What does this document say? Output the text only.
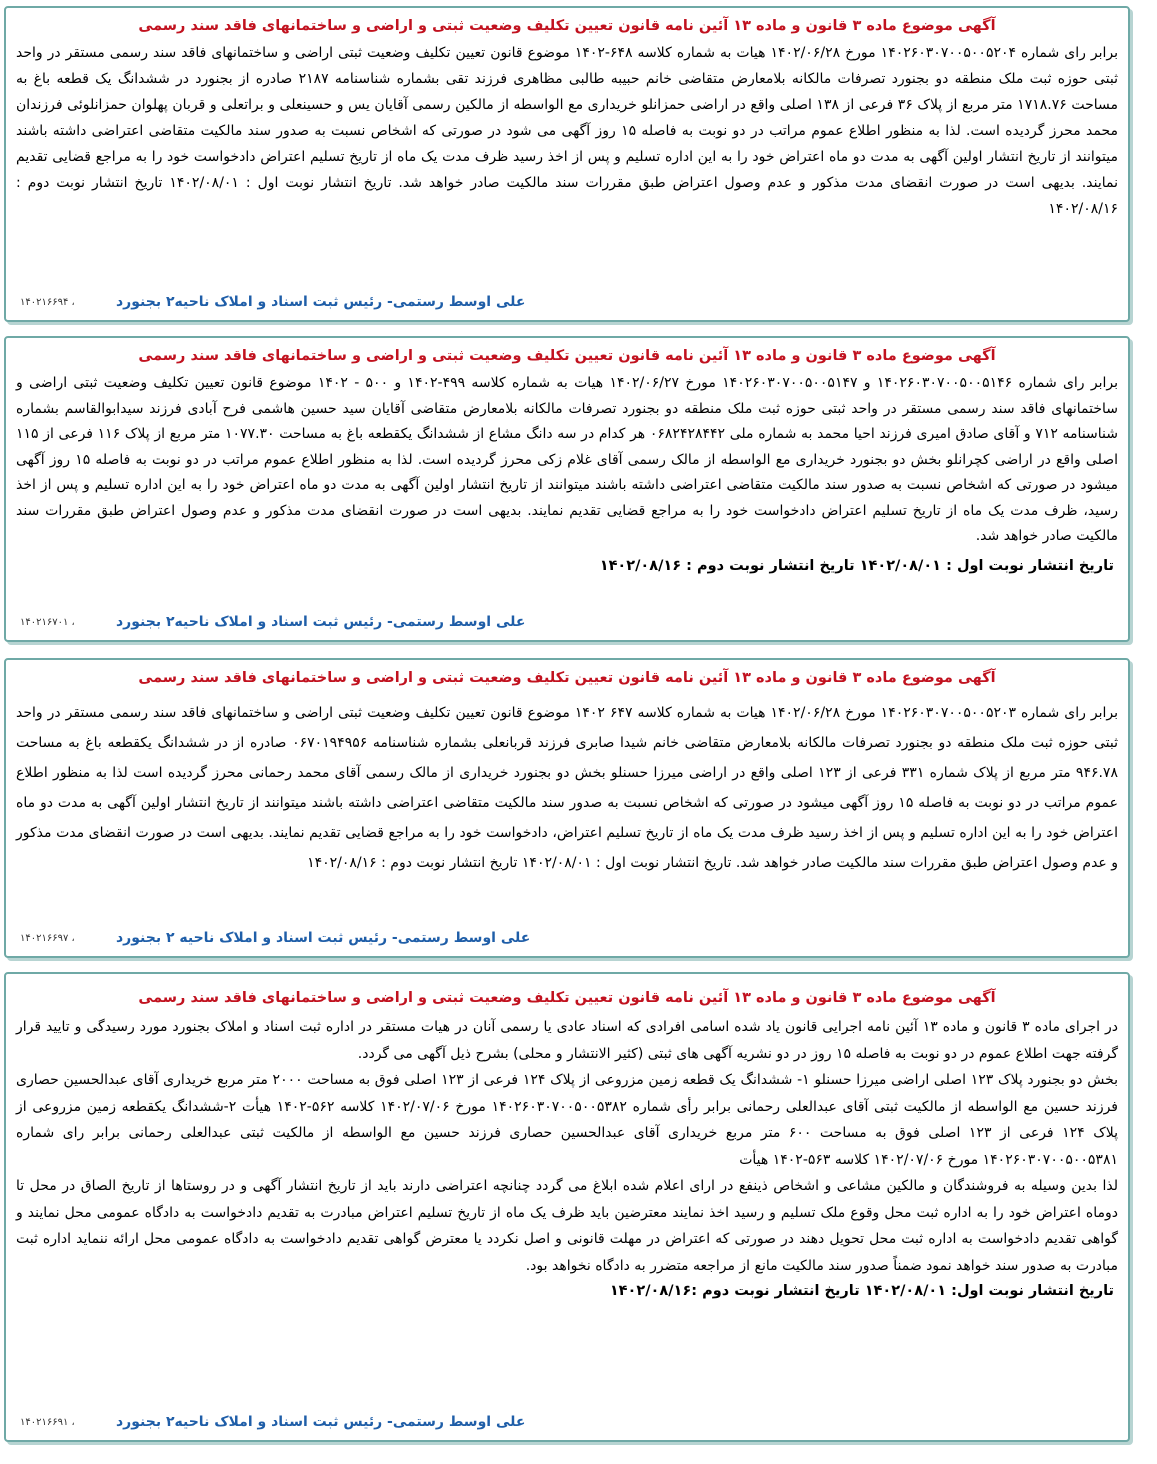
آگهی موضوع ماده ۳ قانون و ماده ۱۳ آئین نامه قانون تعیین تکلیف وضعیت ثبتی و اراضی و ساختمانهای فاقد سند رسمی

برابر رای شماره ۱۴۰۲۶۰۳۰۷۰۰۵۰۰۵۲۰۴ مورخ ۱۴۰۲/۰۶/۲۸ هیات به شماره کلاسه ۶۴۸-۱۴۰۲ موضوع قانون تعیین تکلیف وضعیت ثبتی اراضی و ساختمانهای فاقد سند رسمی مستقر در واحد ثبتی حوزه ثبت ملک منطقه دو بجنورد تصرفات مالکانه بلامعارض متقاضی خانم حبیبه طالبی مظاهری فرزند تقی بشماره شناسنامه ۲۱۸۷ صادره از بجنورد در ششدانگ یک قطعه باغ به مساحت ۱۷۱۸.۷۶ متر مربع از پلاک ۳۶ فرعی از ۱۳۸ اصلی واقع در اراضی حمزانلو خریداری مع الواسطه از مالکین رسمی آقایان یس و حسینعلی و براتعلی و قربان پهلوان حمزانلوئی فرزندان محمد محرز گردیده است. لذا به منظور اطلاع عموم مراتب در دو نوبت به فاصله ۱۵ روز آگهی می شود در صورتی که اشخاص نسبت به صدور سند مالکیت متقاضی اعتراضی داشته باشند میتوانند از تاریخ انتشار اولین آگهی به مدت دو ماه اعتراض خود را به این اداره تسلیم و پس از اخذ رسید ظرف مدت یک ماه از تاریخ تسلیم اعتراض دادخواست خود را به مراجع قضایی تقدیم نمایند. بدیهی است در صورت انقضای مدت مذکور و عدم وصول اعتراض طبق مقررات سند مالکیت صادر خواهد شد. تاریخ انتشار نوبت اول : ۱۴۰۲/۰۸/۰۱ تاریخ انتشار نوبت دوم : ۱۴۰۲/۰۸/۱۶

علی اوسط رستمی- رئیس ثبت اسناد و املاک ناحیه۲ بجنورد
۱۴۰۲۱۶۶۹۴ ،
آگهی موضوع ماده ۳ قانون و ماده ۱۳ آئین نامه قانون تعیین تکلیف وضعیت ثبتی و اراضی و ساختمانهای فاقد سند رسمی

برابر رای شماره ۱۴۰۲۶۰۳۰۷۰۰۵۰۰۵۱۴۶ و ۱۴۰۲۶۰۳۰۷۰۰۵۰۰۵۱۴۷ مورخ ۱۴۰۲/۰۶/۲۷ هیات به شماره کلاسه ۴۹۹-۱۴۰۲ و ۵۰۰ - ۱۴۰۲ موضوع قانون تعیین تکلیف وضعیت ثبتی اراضی و ساختمانهای فاقد سند رسمی مستقر در واحد ثبتی حوزه ثبت ملک منطقه دو بجنورد تصرفات مالکانه بلامعارض متقاضی آقایان سید حسین هاشمی فرح آبادی فرزند سیدابوالقاسم بشماره شناسنامه ۷۱۲ و آقای صادق امیری فرزند احیا محمد به شماره ملی ۰۶۸۲۴۲۸۴۴۲ هر کدام در سه دانگ مشاع از ششدانگ یکقطعه باغ به مساحت ۱۰۷۷.۳۰ متر مربع از پلاک ۱۱۶ فرعی از ۱۱۵ اصلی واقع در اراضی کچرانلو بخش دو بجنورد خریداری مع الواسطه از مالک رسمی آقای غلام زکی محرز گردیده است. لذا به منظور اطلاع عموم مراتب در دو نوبت به فاصله ۱۵ روز آگهی میشود در صورتی که اشخاص نسبت به صدور سند مالکیت متقاضی اعتراضی داشته باشند میتوانند از تاریخ انتشار اولین آگهی به مدت دو ماه اعتراض خود را به این اداره تسلیم و پس از اخذ رسید، ظرف مدت یک ماه از تاریخ تسلیم اعتراض دادخواست خود را به مراجع قضایی تقدیم نمایند. بدیهی است در صورت انقضای مدت مذکور و عدم وصول اعتراض طبق مقررات سند مالکیت صادر خواهد شد.

تاریخ انتشار نوبت اول : ۱۴۰۲/۰۸/۰۱ تاریخ انتشار نوبت دوم : ۱۴۰۲/۰۸/۱۶
علی اوسط رستمی- رئیس ثبت اسناد و املاک ناحیه۲ بجنورد
۱۴۰۲۱۶۷۰۱ ،
آگهی موضوع ماده ۳ قانون و ماده ۱۳ آئین نامه قانون تعیین تکلیف وضعیت ثبتی و اراضی و ساختمانهای فاقد سند رسمی

برابر رای شماره ۱۴۰۲۶۰۳۰۷۰۰۵۰۰۵۲۰۳ مورخ ۱۴۰۲/۰۶/۲۸ هیات به شماره کلاسه ۶۴۷ ۱۴۰۲ موضوع قانون تعیین تکلیف وضعیت ثبتی اراضی و ساختمانهای فاقد سند رسمی مستقر در واحد ثبتی حوزه ثبت ملک منطقه دو بجنورد تصرفات مالکانه بلامعارض متقاضی خانم شیدا صابری فرزند قربانعلی بشماره شناسنامه ۰۶۷۰۱۹۴۹۵۶ صادره از در ششدانگ یکقطعه باغ به مساحت ۹۴۶.۷۸ متر مربع از پلاک شماره ۳۳۱ فرعی از ۱۲۳ اصلی واقع در اراضی میرزا حسنلو بخش دو بجنورد خریداری از مالک رسمی آقای محمد رحمانی محرز گردیده است لذا به منظور اطلاع عموم مراتب در دو نوبت به فاصله ۱۵ روز آگهی میشود در صورتی که اشخاص نسبت به صدور سند مالکیت متقاضی اعتراضی داشته باشند میتوانند از تاریخ انتشار اولین آگهی به مدت دو ماه اعتراض خود را به این اداره تسلیم و پس از اخذ رسید ظرف مدت یک ماه از تاریخ تسلیم اعتراض، دادخواست خود را به مراجع قضایی تقدیم نمایند. بدیهی است در صورت انقضای مدت مذکور و عدم وصول اعتراض طبق مقررات سند مالکیت صادر خواهد شد. تاریخ انتشار نوبت اول : ۱۴۰۲/۰۸/۰۱ تاریخ انتشار نوبت دوم : ۱۴۰۲/۰۸/۱۶

علی اوسط رستمی- رئیس ثبت اسناد و املاک ناحیه ۲ بجنورد
۱۴۰۲۱۶۶۹۷ ،
آگهی موضوع ماده ۳ قانون و ماده ۱۳ آئین نامه قانون تعیین تکلیف وضعیت ثبتی و اراضی و ساختمانهای فاقد سند رسمی

در اجرای ماده ۳ قانون و ماده ۱۳ آئین نامه اجرایی قانون یاد شده اسامی افرادی که اسناد عادی یا رسمی آنان در هیات مستقر در اداره ثبت اسناد و املاک بجنورد مورد رسیدگی و تایید قرار گرفته جهت اطلاع عموم در دو نوبت به فاصله ۱۵ روز در دو نشریه آگهی های ثبتی (کثیر الانتشار و محلی) بشرح ذیل آگهی می گردد.

بخش دو بجنورد پلاک ۱۲۳ اصلی اراضی میرزا حسنلو ۱- ششدانگ یک قطعه زمین مزروعی از پلاک ۱۲۴ فرعی از ۱۲۳ اصلی فوق به مساحت ۲۰۰۰ متر مربع خریداری آقای عبدالحسین حصاری فرزند حسین مع الواسطه از مالکیت ثبتی آقای عبدالعلی رحمانی برابر رأی شماره ۱۴۰۲۶۰۳۰۷۰۰۵۰۰۵۳۸۲ مورخ ۱۴۰۲/۰۷/۰۶ کلاسه ۵۶۲-۱۴۰۲ هیأت ۲-ششدانگ یکقطعه زمین مزروعی از پلاک ۱۲۴ فرعی از ۱۲۳ اصلی فوق به مساحت ۶۰۰ متر مربع خریداری آقای عبدالحسین حصاری فرزند حسین مع الواسطه از مالکیت ثبتی عبدالعلی رحمانی برابر رای شماره ۱۴۰۲۶۰۳۰۷۰۰۵۰۰۵۳۸۱ مورخ ۱۴۰۲/۰۷/۰۶ کلاسه ۵۶۳-۱۴۰۲ هیأت

لذا بدین وسیله به فروشندگان و مالکین مشاعی و اشخاص ذینفع در ارای اعلام شده ابلاغ می گردد چنانچه اعتراضی دارند باید از تاریخ انتشار آگهی و در روستاها از تاریخ الصاق در محل تا دوماه اعتراض خود را به اداره ثبت محل وقوع ملک تسلیم و رسید اخذ نمایند معترضین باید ظرف یک ماه از تاریخ تسلیم اعتراض مبادرت به تقدیم دادخواست به دادگاه عمومی محل نمایند و گواهی تقدیم دادخواست به اداره ثبت محل تحویل دهند در صورتی که اعتراض در مهلت قانونی و اصل نکردد یا معترض گواهی تقدیم دادخواست به دادگاه عمومی محل ارائه ننماید اداره ثبت مبادرت به صدور سند خواهد نمود ضمناً صدور سند مالکیت مانع از مراجعه متضرر به دادگاه نخواهد بود.

تاریخ انتشار نوبت اول: ۱۴۰۲/۰۸/۰۱ تاریخ انتشار نوبت دوم :۱۴۰۲/۰۸/۱۶
علی اوسط رستمی- رئیس ثبت اسناد و املاک ناحیه۲ بجنورد
۱۴۰۲۱۶۶۹۱ ،
